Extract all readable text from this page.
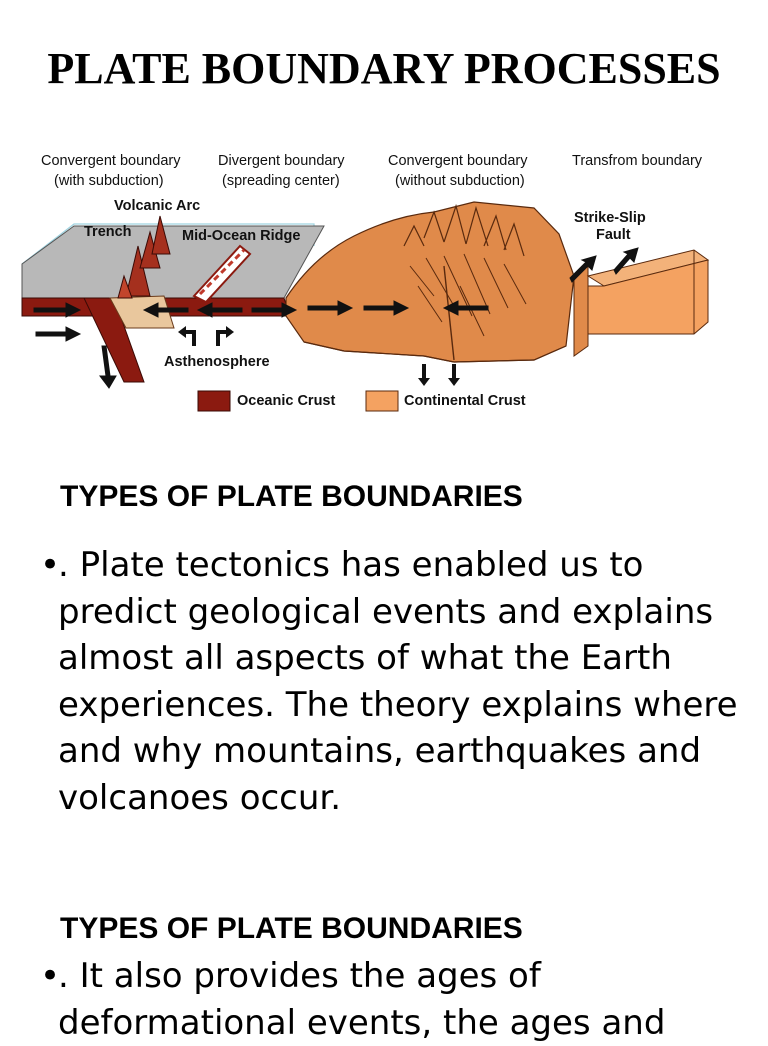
PLATE BOUNDARY PROCESSES
Convergent boundary
(with subduction)
Divergent boundary
(spreading center)
Convergent boundary
(without subduction)
Transfrom boundary
Volcanic Arc
Trench	Mid-Ocean Ridge
Strike-Slip
Fault
Asthenosphere
Oceanic Crust	Continental Crust
TYPES OF PLATE BOUNDARIES

•
. Plate tectonics has enabled us to predict geological events and explains almost all aspects of what the Earth experiences. The theory explains where and why mountains, earthquakes and volcanoes occur.

TYPES OF PLATE BOUNDARIES

•
. It also provides the ages of deformational events, the ages and
